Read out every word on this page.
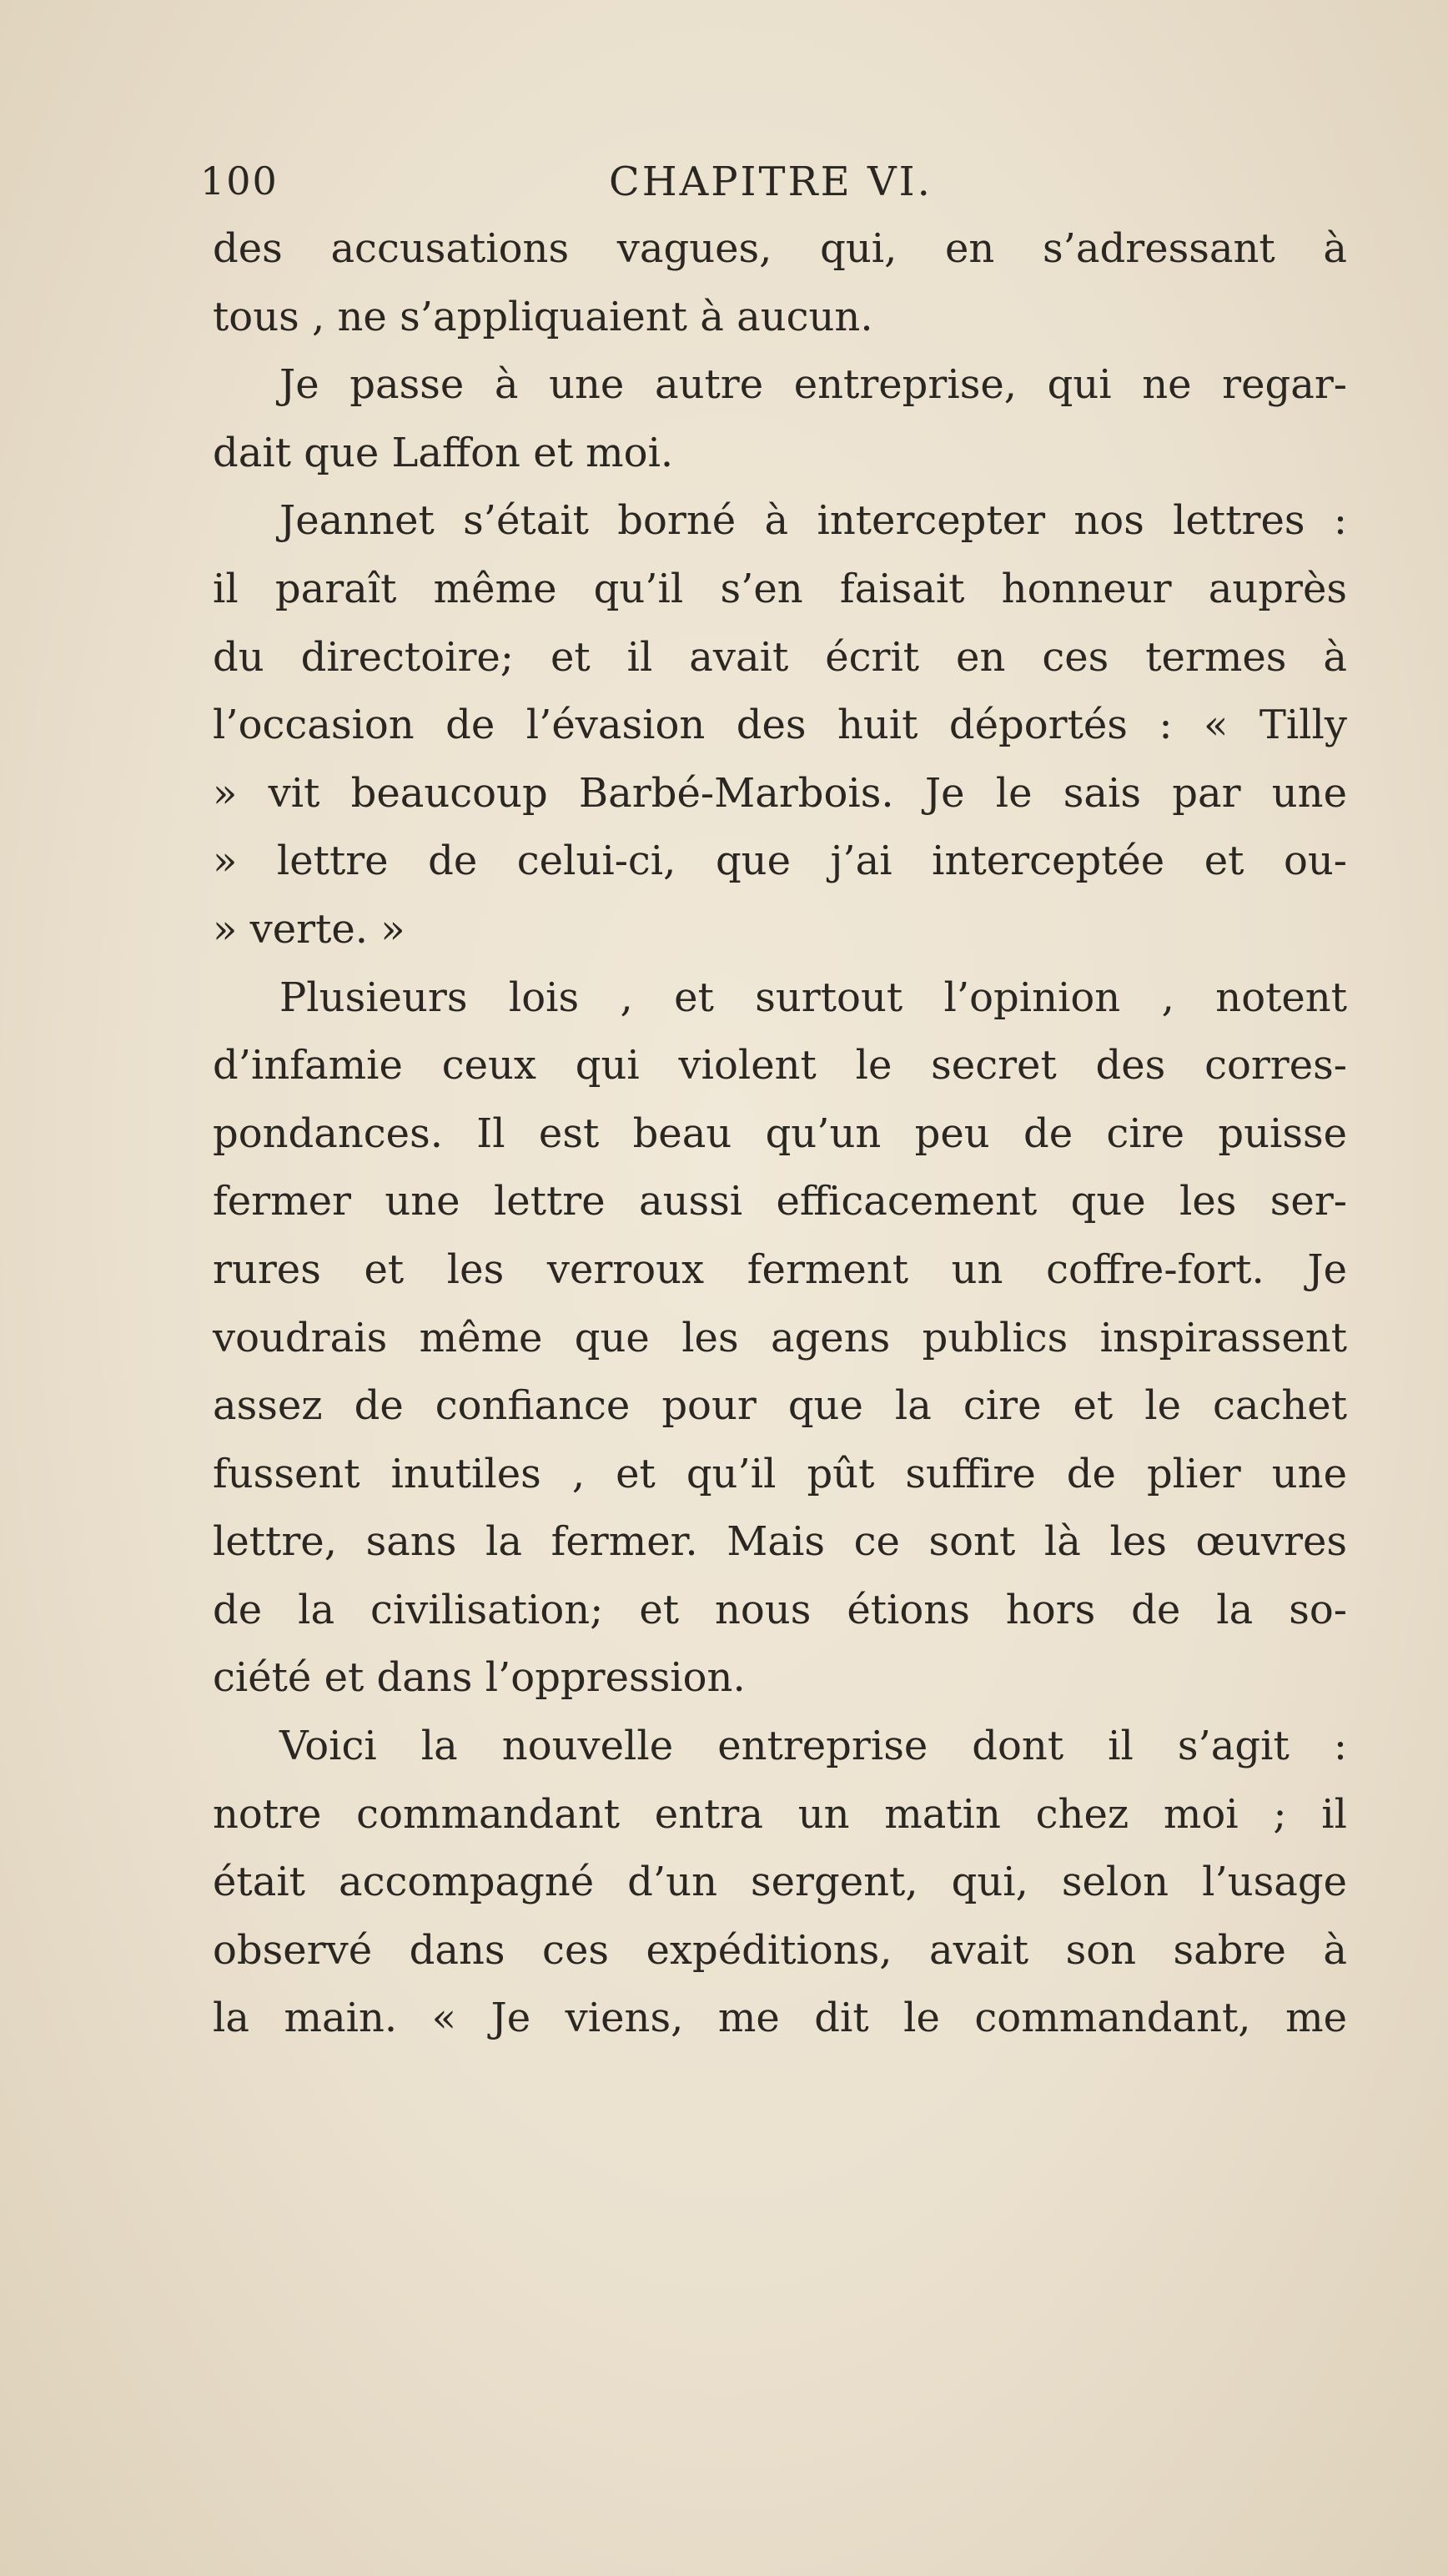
100	CHAPITRE VI.
des accusations vagues, qui, en s’adressant à
tous , ne s’appliquaient à aucun.
Je passe à une autre entreprise, qui ne regar-
dait que Laffon et moi.
Jeannet s’était borné à intercepter nos lettres :
il paraît même qu’il s’en faisait honneur auprès
du directoire; et il avait écrit en ces termes à
l’occasion de l’évasion des huit déportés : « Tilly
» vit beaucoup Barbé-Marbois. Je le sais par une
» lettre de celui-ci, que j’ai interceptée et ou-
» verte. »
Plusieurs lois , et surtout l’opinion , notent
d’infamie ceux qui violent le secret des corres-
pondances. Il est beau qu’un peu de cire puisse
fermer une lettre aussi efficacement que les ser-
rures et les verroux ferment un coffre-fort. Je
voudrais même que les agens publics inspirassent
assez de confiance pour que la cire et le cachet
fussent inutiles , et qu’il pût suffire de plier une
lettre, sans la fermer. Mais ce sont là les œuvres
de la civilisation; et nous étions hors de la so-
ciété et dans l’oppression.
Voici la nouvelle entreprise dont il s’agit :
notre commandant entra un matin chez moi ; il
était accompagné d’un sergent, qui, selon l’usage
observé dans ces expéditions, avait son sabre à
la main. « Je viens, me dit le commandant, me
